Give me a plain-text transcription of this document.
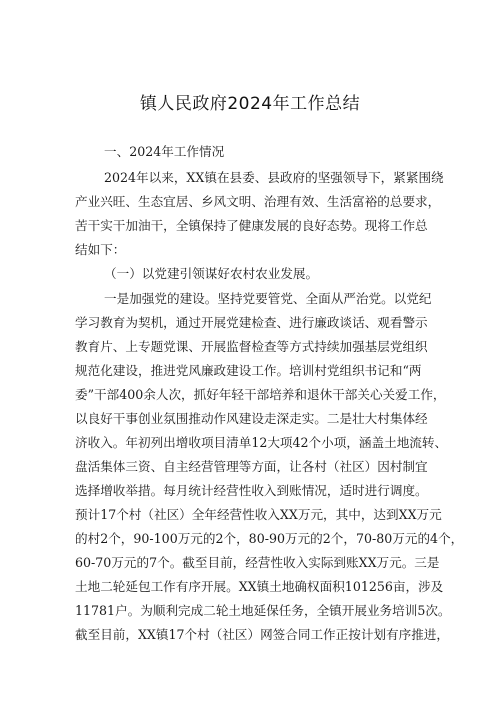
镇人民政府2024年工作总结
一、2024年工作情况
2024年以来，XX镇在县委、县政府的坚强领导下，紧紧围绕
产业兴旺、生态宜居、乡风文明、治理有效、生活富裕的总要求，
苦干实干加油干，全镇保持了健康发展的良好态势。现将工作总
结如下：
（一）以党建引领谋好农村农业发展。
一是加强党的建设。坚持党要管党、全面从严治党。以党纪
学习教育为契机，通过开展党建检查、进行廉政谈话、观看警示
教育片、上专题党课、开展监督检查等方式持续加强基层党组织
规范化建设，推进党风廉政建设工作。培训村党组织书记和“两
委”干部400余人次，抓好年轻干部培养和退休干部关心关爱工作，
以良好干事创业氛围推动作风建设走深走实。二是壮大村集体经
济收入。年初列出增收项目清单12大项42个小项，涵盖土地流转、
盘活集体三资、自主经营管理等方面，让各村（社区）因村制宜
选择增收举措。每月统计经营性收入到账情况，适时进行调度。
预计17个村（社区）全年经营性收入XX万元，其中，达到XX万元
的村2个，90-100万元的2个，80-90万元的2个，70-80万元的4个，
60-70万元的7个。截至目前，经营性收入实际到账XX万元。三是
土地二轮延包工作有序开展。XX镇土地确权面积101256亩，涉及
11781户。为顺利完成二轮土地延保任务，全镇开展业务培训5次。
截至目前，XX镇17个村（社区）网签合同工作正按计划有序推进，
